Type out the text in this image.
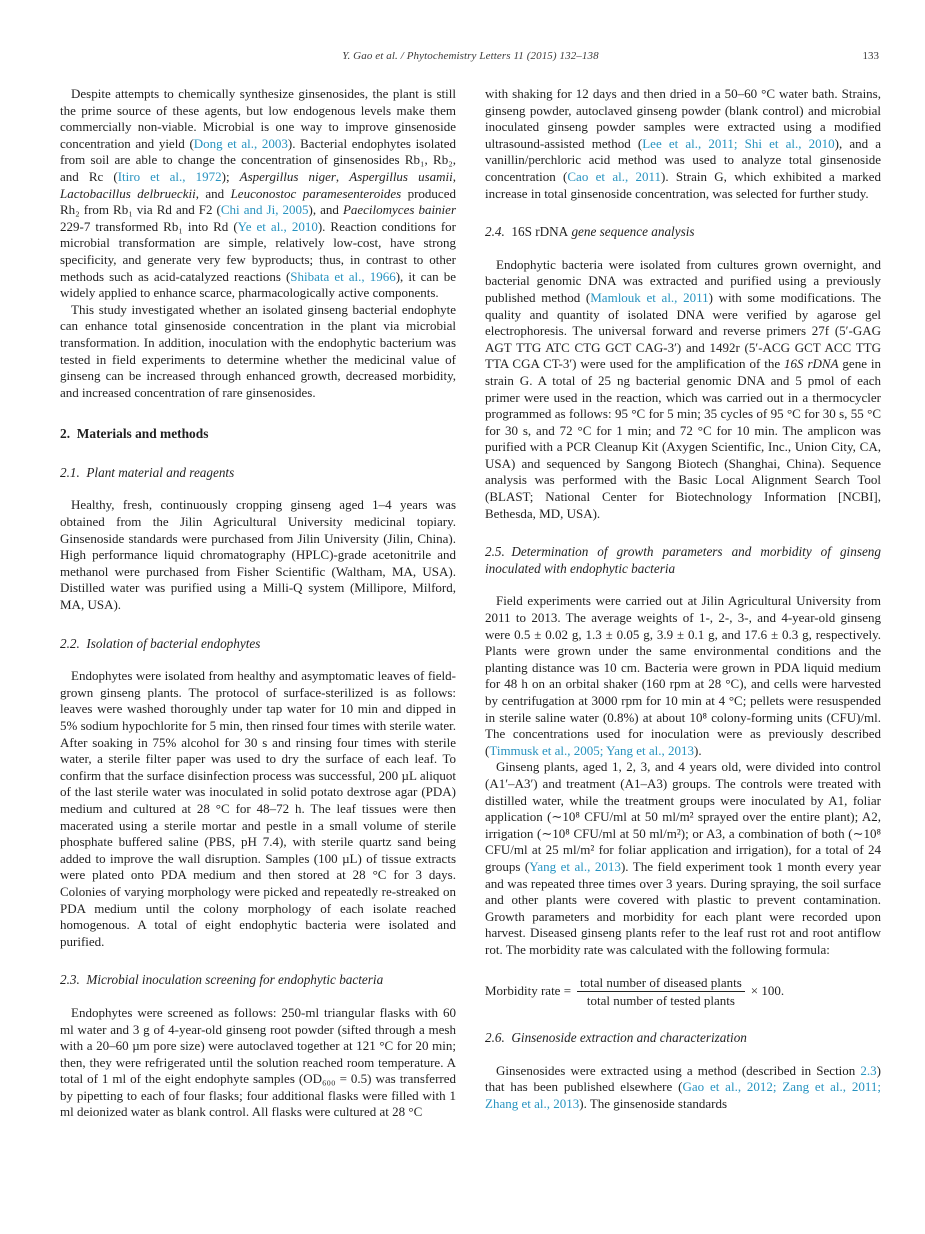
Y. Gao et al. / Phytochemistry Letters 11 (2015) 132–138	133

Despite attempts to chemically synthesize ginsenosides, the plant is still the prime source of these agents, but low endogenous levels make them commercially non-viable. Microbial is one way to improve ginsenoside concentration and yield (Dong et al., 2003). Bacterial endophytes isolated from soil are able to change the concentration of ginsenosides Rb₁, Rb₂, and Rc (Itiro et al., 1972); Aspergillus niger, Aspergillus usamii, Lactobacillus delbrueckii, and Leuconostoc paramesenteroides produced Rh₂ from Rb₁ via Rd and F2 (Chi and Ji, 2005), and Paecilomyces bainier 229-7 transformed Rb₁ into Rd (Ye et al., 2010). Reaction conditions for microbial transformation are simple, relatively low-cost, have strong specificity, and generate very few byproducts; thus, in contrast to other methods such as acid-catalyzed reactions (Shibata et al., 1966), it can be widely applied to enhance scarce, pharmacologically active components.

This study investigated whether an isolated ginseng bacterial endophyte can enhance total ginsenoside concentration in the plant via microbial transformation. In addition, inoculation with the endophytic bacterium was tested in field experiments to determine whether the medicinal value of ginseng can be increased through enhanced growth, decreased morbidity, and increased concentration of rare ginsenosides.

2. Materials and methods
2.1. Plant material and reagents

Healthy, fresh, continuously cropping ginseng aged 1–4 years was obtained from the Jilin Agricultural University medicinal topiary. Ginsenoside standards were purchased from Jilin University (Jilin, China). High performance liquid chromatography (HPLC)-grade acetonitrile and methanol were purchased from Fisher Scientific (Waltham, MA, USA). Distilled water was purified using a Milli-Q system (Millipore, Milford, MA, USA).

2.2. Isolation of bacterial endophytes

Endophytes were isolated from healthy and asymptomatic leaves of field-grown ginseng plants. The protocol of surface-sterilized is as follows: leaves were washed thoroughly under tap water for 10 min and dipped in 5% sodium hypochlorite for 5 min, then rinsed four times with sterile water. After soaking in 75% alcohol for 30 s and rinsing four times with sterile water, a sterile filter paper was used to dry the surface of each leaf. To confirm that the surface disinfection process was successful, 200 µL aliquot of the last sterile water was inoculated in solid potato dextrose agar (PDA) medium and cultured at 28 °C for 48–72 h. The leaf tissues were then macerated using a sterile mortar and pestle in a small volume of sterile phosphate buffered saline (PBS, pH 7.4), with sterile quartz sand being added to improve the wall disruption. Samples (100 µL) of tissue extracts were plated onto PDA medium and then stored at 28 °C for 3 days. Colonies of varying morphology were picked and repeatedly re-streaked on PDA medium until the colony morphology of each isolate reached homogenous. A total of eight endophytic bacteria were isolated and purified.

2.3. Microbial inoculation screening for endophytic bacteria

Endophytes were screened as follows: 250-ml triangular flasks with 60 ml water and 3 g of 4-year-old ginseng root powder (sifted through a mesh with a 20–60 µm pore size) were autoclaved together at 121 °C for 20 min; then, they were refrigerated until the solution reached room temperature. A total of 1 ml of the eight endophyte samples (OD₆₀₀ = 0.5) was transferred by pipetting to each of four flasks; four additional flasks were filled with 1 ml deionized water as blank control. All flasks were cultured at 28 °C

with shaking for 12 days and then dried in a 50–60 °C water bath. Strains, ginseng powder, autoclaved ginseng powder (blank control) and microbial inoculated ginseng powder samples were extracted using a modified ultrasound-assisted method (Lee et al., 2011; Shi et al., 2010), and a vanillin/perchloric acid method was used to analyze total ginsenoside concentration (Cao et al., 2011). Strain G, which exhibited a marked increase in total ginsenoside concentration, was selected for further study.

2.4. 16S rDNA gene sequence analysis

Endophytic bacteria were isolated from cultures grown overnight, and bacterial genomic DNA was extracted and purified using a previously published method (Mamlouk et al., 2011) with some modifications. The quality and quantity of isolated DNA were verified by agarose gel electrophoresis. The universal forward and reverse primers 27f (5′-GAG AGT TTG ATC CTG GCT CAG-3′) and 1492r (5′-ACG GCT ACC TTG TTA CGA CT-3′) were used for the amplification of the 16S rDNA gene in strain G. A total of 25 ng bacterial genomic DNA and 5 pmol of each primer were used in the reaction, which was carried out in a thermocycler programmed as follows: 95 °C for 5 min; 35 cycles of 95 °C for 30 s, 55 °C for 30 s, and 72 °C for 1 min; and 72 °C for 10 min. The amplicon was purified with a PCR Cleanup Kit (Axygen Scientific, Inc., Union City, CA, USA) and sequenced by Sangong Biotech (Shanghai, China). Sequence analysis was performed with the Basic Local Alignment Search Tool (BLAST; National Center for Biotechnology Information [NCBI], Bethesda, MD, USA).

2.5. Determination of growth parameters and morbidity of ginseng inoculated with endophytic bacteria

Field experiments were carried out at Jilin Agricultural University from 2011 to 2013. The average weights of 1-, 2-, 3-, and 4-year-old ginseng were 0.5 ± 0.02 g, 1.3 ± 0.05 g, 3.9 ± 0.1 g, and 17.6 ± 0.3 g, respectively. Plants were grown under the same environmental conditions and the planting distance was 10 cm. Bacteria were grown in PDA liquid medium for 48 h on an orbital shaker (160 rpm at 28 °C), and cells were harvested by centrifugation at 3000 rpm for 10 min at 4 °C; pellets were resuspended in sterile saline water (0.8%) at about 10⁸ colony-forming units (CFU)/ml. The concentrations used for inoculation were as previously described (Timmusk et al., 2005; Yang et al., 2013).

Ginseng plants, aged 1, 2, 3, and 4 years old, were divided into control (A1′–A3′) and treatment (A1–A3) groups. The controls were treated with distilled water, while the treatment groups were inoculated by A1, foliar application (∼10⁸ CFU/ml at 50 ml/m² sprayed over the entire plant); A2, irrigation (∼10⁸ CFU/ml at 50 ml/m²); or A3, a combination of both (∼10⁸ CFU/ml at 25 ml/m² for foliar application and irrigation), for a total of 24 groups (Yang et al., 2013). The field experiment took 1 month every year and was repeated three times over 3 years. During spraying, the soil surface and other plants were covered with plastic to prevent contamination. Growth parameters and morbidity for each plant were recorded upon harvest. Diseased ginseng plants refer to the leaf rust rot and root antiflow rot. The morbidity rate was calculated with the following formula:

Morbidity rate = $\frac{\text{total number of diseased plants}}{\text{total number of tested plants}} \times 100$.
2.6. Ginsenoside extraction and characterization

Ginsenosides were extracted using a method (described in Section 2.3) that has been published elsewhere (Gao et al., 2012; Zang et al., 2011; Zhang et al., 2013). The ginsenoside standards
